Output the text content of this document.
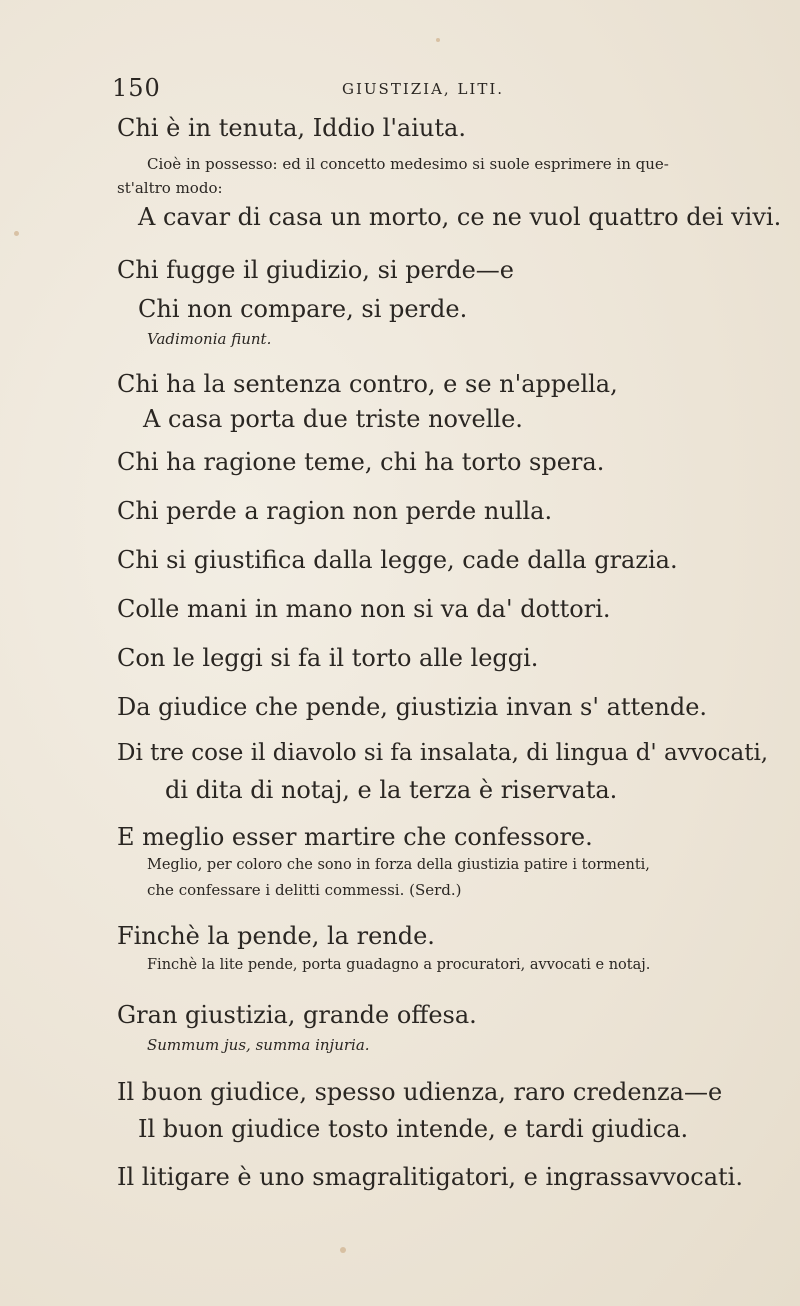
150	GIUSTIZIA, LITI.
Chi è in tenuta, Iddio l'aiuta.
Cioè in possesso: ed il concetto medesimo si suole esprimere in que-
st'altro modo:
A cavar di casa un morto, ce ne vuol quattro dei vivi.
Chi fugge il giudizio, si perde—e
Chi non compare, si perde.
Vadimonia fiunt.
Chi ha la sentenza contro, e se n'appella,
A casa porta due triste novelle.
Chi ha ragione teme, chi ha torto spera.
Chi perde a ragion non perde nulla.
Chi si giustifica dalla legge, cade dalla grazia.
Colle mani in mano non si va da' dottori.
Con le leggi si fa il torto alle leggi.
Da giudice che pende, giustizia invan s' attende.
Di tre cose il diavolo si fa insalata, di lingua d' avvocati,
di dita di notaj, e la terza è riservata.
E meglio esser martire che confessore.
Meglio, per coloro che sono in forza della giustizia patire i tormenti,
che confessare i delitti commessi. (Serd.)
Finchè la pende, la rende.
Finchè la lite pende, porta guadagno a procuratori, avvocati e notaj.
Gran giustizia, grande offesa.
Summum jus, summa injuria.
Il buon giudice, spesso udienza, raro credenza—e
Il buon giudice tosto intende, e tardi giudica.
Il litigare è uno smagralitigatori, e ingrassavvocati.
